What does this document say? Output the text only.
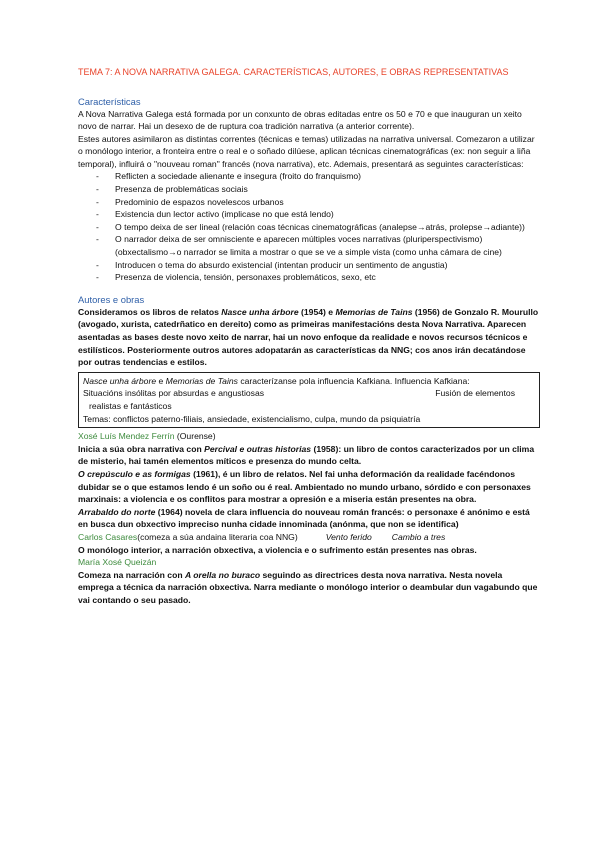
TEMA 7: A NOVA NARRATIVA GALEGA. CARACTERÍSTICAS, AUTORES, E OBRAS REPRESENTATIVAS

Características

A Nova Narrativa Galega está formada por un conxunto de obras editadas entre os 50 e 70 e que inauguran un xeito novo de narrar. Hai un desexo de de ruptura coa tradición narrativa (a anterior corrente).

Estes autores asimilaron as distintas correntes (técnicas e temas) utilizadas na narrativa universal. Comezaron a utilizar o monólogo interior, a fronteira entre o real e o soñado dilúese, aplican técnicas cinematográficas (ex: non seguir a liña temporal), influirá o "nouveau roman" francés (nova narrativa), etc. Ademais, presentará as seguintes características:

- Reflicten a sociedade alienante e insegura (froito do franquismo)
- Presenza de problemáticas sociais
- Predominio de espazos novelescos urbanos
- Existencia dun lector activo (implicase no que está lendo)
- O tempo deixa de ser lineal (relación coas técnicas cinematográficas (analepse→atrás, prolepse→adiante))
- O narrador deixa de ser omnisciente e aparecen múltiples voces narrativas (pluriperspectivismo)(obxectalismo→o narrador se limita a mostrar o que se ve a simple vista (como unha cámara de cine)
- Introducen o tema do absurdo existencial (intentan producir un sentimento de angustia)
- Presenza de violencia, tensión, personaxes problemáticos, sexo, etc

Autores e obras

Consideramos os libros de relatos Nasce unha árbore (1954) e Memorias de Tains (1956) de Gonzalo R. Mourullo (avogado, xurista, catedrñatico en dereito) como as primeiras manifestacións desta Nova Narrativa. Aparecen asentadas as bases deste novo xeito de narrar, hai un novo enfoque da realidade e novos recursos técnicos e estilísticos. Posteriormente outros autores adopatarán as características da NNG; cos anos irán decatándose por outras tendencias e estilos.

Nasce unha árbore e Memorias de Tains caracterízanse pola influencia Kafkiana. Influencia Kafkiana:
Situacións insólitas por absurdas e angustiosas	Fusión de elementos
realistas e fantásticos
Temas: conflictos paterno-filiais, ansiedade, existencialismo, culpa, mundo da psiquiatría

Xosé Luís Mendez Ferrín (Ourense)

Inicia a súa obra narrativa con Percival e outras historias (1958): un libro de contos caracterizados por un clima de misterio, hai tamén elementos míticos e presenza do mundo celta.

O crepúsculo e as formigas (1961), é un libro de relatos. Nel fai unha deformación da realidade facéndonos dubidar se o que estamos lendo é un soño ou é real. Ambientado no mundo urbano, sórdido e con personaxes marxinais: a violencia e os conflitos para mostrar a opresión e a miseria están presentes na obra.

Arrabaldo do norte (1964) novela de clara influencia do nouveau román francés: o personaxe é anónimo e está en busca dun obxectivo impreciso nunha cidade innominada (anónma, que non se identifica)

Carlos Casares (comeza a súa andaina literaria coa NNG)	Vento ferido Cambio a tres

O monólogo interior, a narración obxectiva, a violencia e o sufrimento están presentes nas obras.

María Xosé Queizán

Comeza na narración con A orella no buraco seguindo as directrices desta nova narrativa. Nesta novela emprega a técnica da narración obxectiva. Narra mediante o monólogo interior o deambular dun vagabundo que vai contando o seu pasado.
